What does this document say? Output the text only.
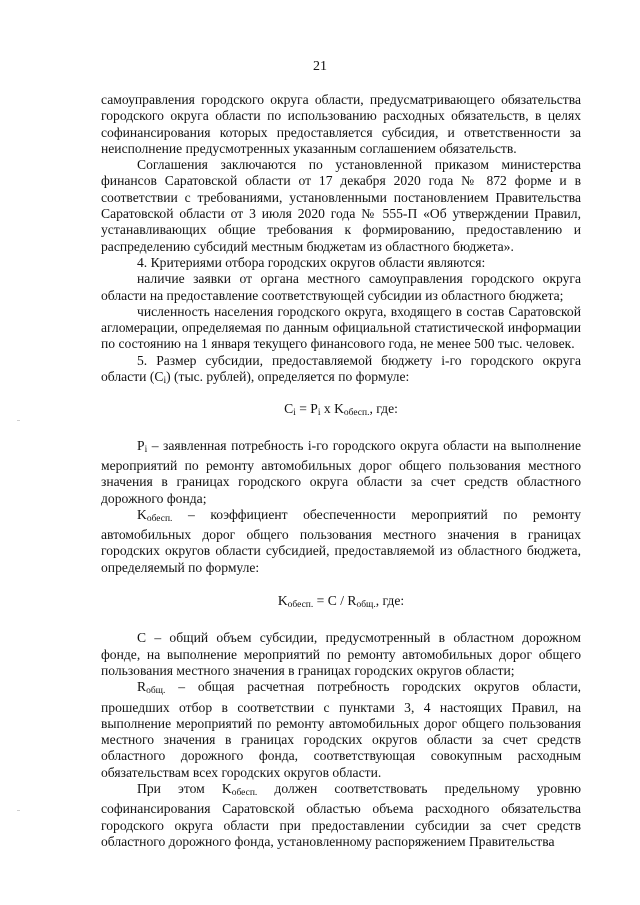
21

самоуправления городского округа области, предусматривающего обязательства городского округа области по использованию расходных обязательств, в целях софинансирования которых предоставляется субсидия, и ответственности за неисполнение предусмотренных указанным соглашением обязательств.

Соглашения заключаются по установленной приказом министерства финансов Саратовской области от 17 декабря 2020 года № 872 форме и в соответствии с требованиями, установленными постановлением Правительства Саратовской области от 3 июля 2020 года № 555-П «Об утверждении Правил, устанавливающих общие требования к формированию, предоставлению и распределению субсидий местным бюджетам из областного бюджета».

4. Критериями отбора городских округов области являются:

наличие заявки от органа местного самоуправления городского округа области на предоставление соответствующей субсидии из областного бюджета;

численность населения городского округа, входящего в состав Саратовской агломерации, определяемая по данным официальной статистической информации по состоянию на 1 января текущего финансового года, не менее 500 тыс. человек.

5. Размер субсидии, предоставляемой бюджету i-го городского округа области $(C_i)$ (тыс. рублей), определяется по формуле:

$C_i = P_i$ x $K_{обесп.}$, где:

$P_i$ – заявленная потребность i-го городского округа области на выполнение мероприятий по ремонту автомобильных дорог общего пользования местного значения в границах городского округа области за счет средств областного дорожного фонда;

$K_{обесп.}$ – коэффициент обеспеченности мероприятий по ремонту автомобильных дорог общего пользования местного значения в границах городских округов области субсидией, предоставляемой из областного бюджета, определяемый по формуле:

$K_{обесп.} = C / R_{общ.}$, где:

C – общий объем субсидии, предусмотренный в областном дорожном фонде, на выполнение мероприятий по ремонту автомобильных дорог общего пользования местного значения в границах городских округов области;

$R_{общ.}$ – общая расчетная потребность городских округов области, прошедших отбор в соответствии с пунктами 3, 4 настоящих Правил, на выполнение мероприятий по ремонту автомобильных дорог общего пользования местного значения в границах городских округов области за счет средств областного дорожного фонда, соответствующая совокупным расходным обязательствам всех городских округов области.

При этом $K_{обесп.}$ должен соответствовать предельному уровню софинансирования Саратовской областью объема расходного обязательства городского округа области при предоставлении субсидии за счет средств областного дорожного фонда, установленному распоряжением Правительства
